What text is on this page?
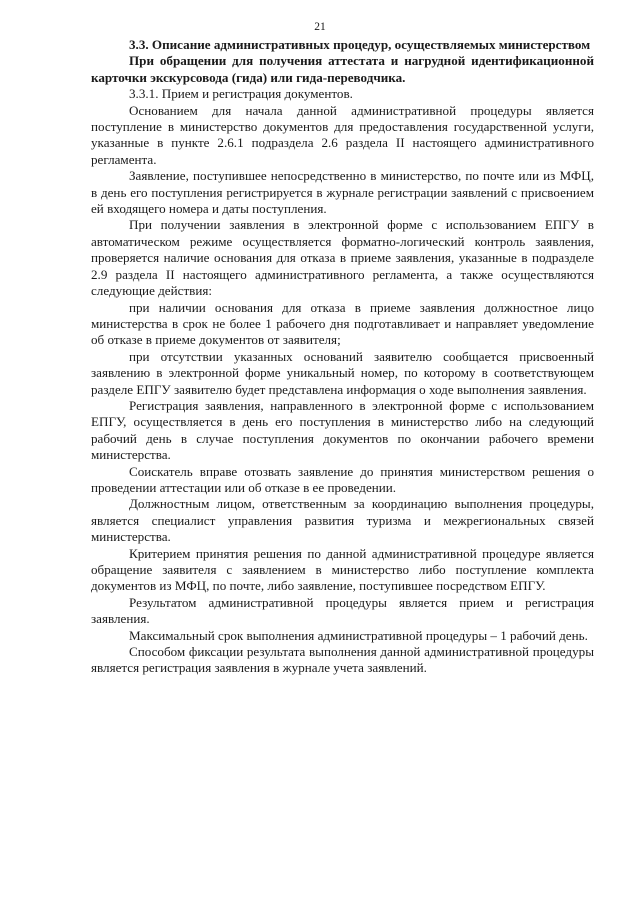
21

3.3. Описание административных процедур, осуществляемых министерством

При обращении для получения аттестата и нагрудной идентификационной карточки экскурсовода (гида) или гида-переводчика.

3.3.1. Прием и регистрация документов.

Основанием для начала данной административной процедуры является поступление в министерство документов для предоставления государственной услуги, указанные в пункте 2.6.1 подраздела 2.6 раздела II настоящего административного регламента.

Заявление, поступившее непосредственно в министерство, по почте или из МФЦ, в день его поступления регистрируется в журнале регистрации заявлений с присвоением ей входящего номера и даты поступления.

При получении заявления в электронной форме с использованием ЕПГУ в автоматическом режиме осуществляется форматно-логический контроль заявления, проверяется наличие основания для отказа в приеме заявления, указанные в подразделе 2.9 раздела II настоящего административного регламента, а также осуществляются следующие действия:

при наличии основания для отказа в приеме заявления должностное лицо министерства в срок не более 1 рабочего дня подготавливает и направляет уведомление об отказе в приеме документов от заявителя;

при отсутствии указанных оснований заявителю сообщается присвоенный заявлению в электронной форме уникальный номер, по которому в соответствующем разделе ЕПГУ заявителю будет представлена информация о ходе выполнения заявления.

Регистрация заявления, направленного в электронной форме с использованием ЕПГУ, осуществляется в день его поступления в министерство либо на следующий рабочий день в случае поступления документов по окончании рабочего времени министерства.

Соискатель вправе отозвать заявление до принятия министерством решения о проведении аттестации или об отказе в ее проведении.

Должностным лицом, ответственным за координацию выполнения процедуры, является специалист управления развития туризма и межрегиональных связей министерства.

Критерием принятия решения по данной административной процедуре является обращение заявителя с заявлением в министерство либо поступление комплекта документов из МФЦ, по почте, либо заявление, поступившее посредством ЕПГУ.

Результатом административной процедуры является прием и регистрация заявления.

Максимальный срок выполнения административной процедуры – 1 рабочий день.

Способом фиксации результата выполнения данной административной процедуры является регистрация заявления в журнале учета заявлений.
